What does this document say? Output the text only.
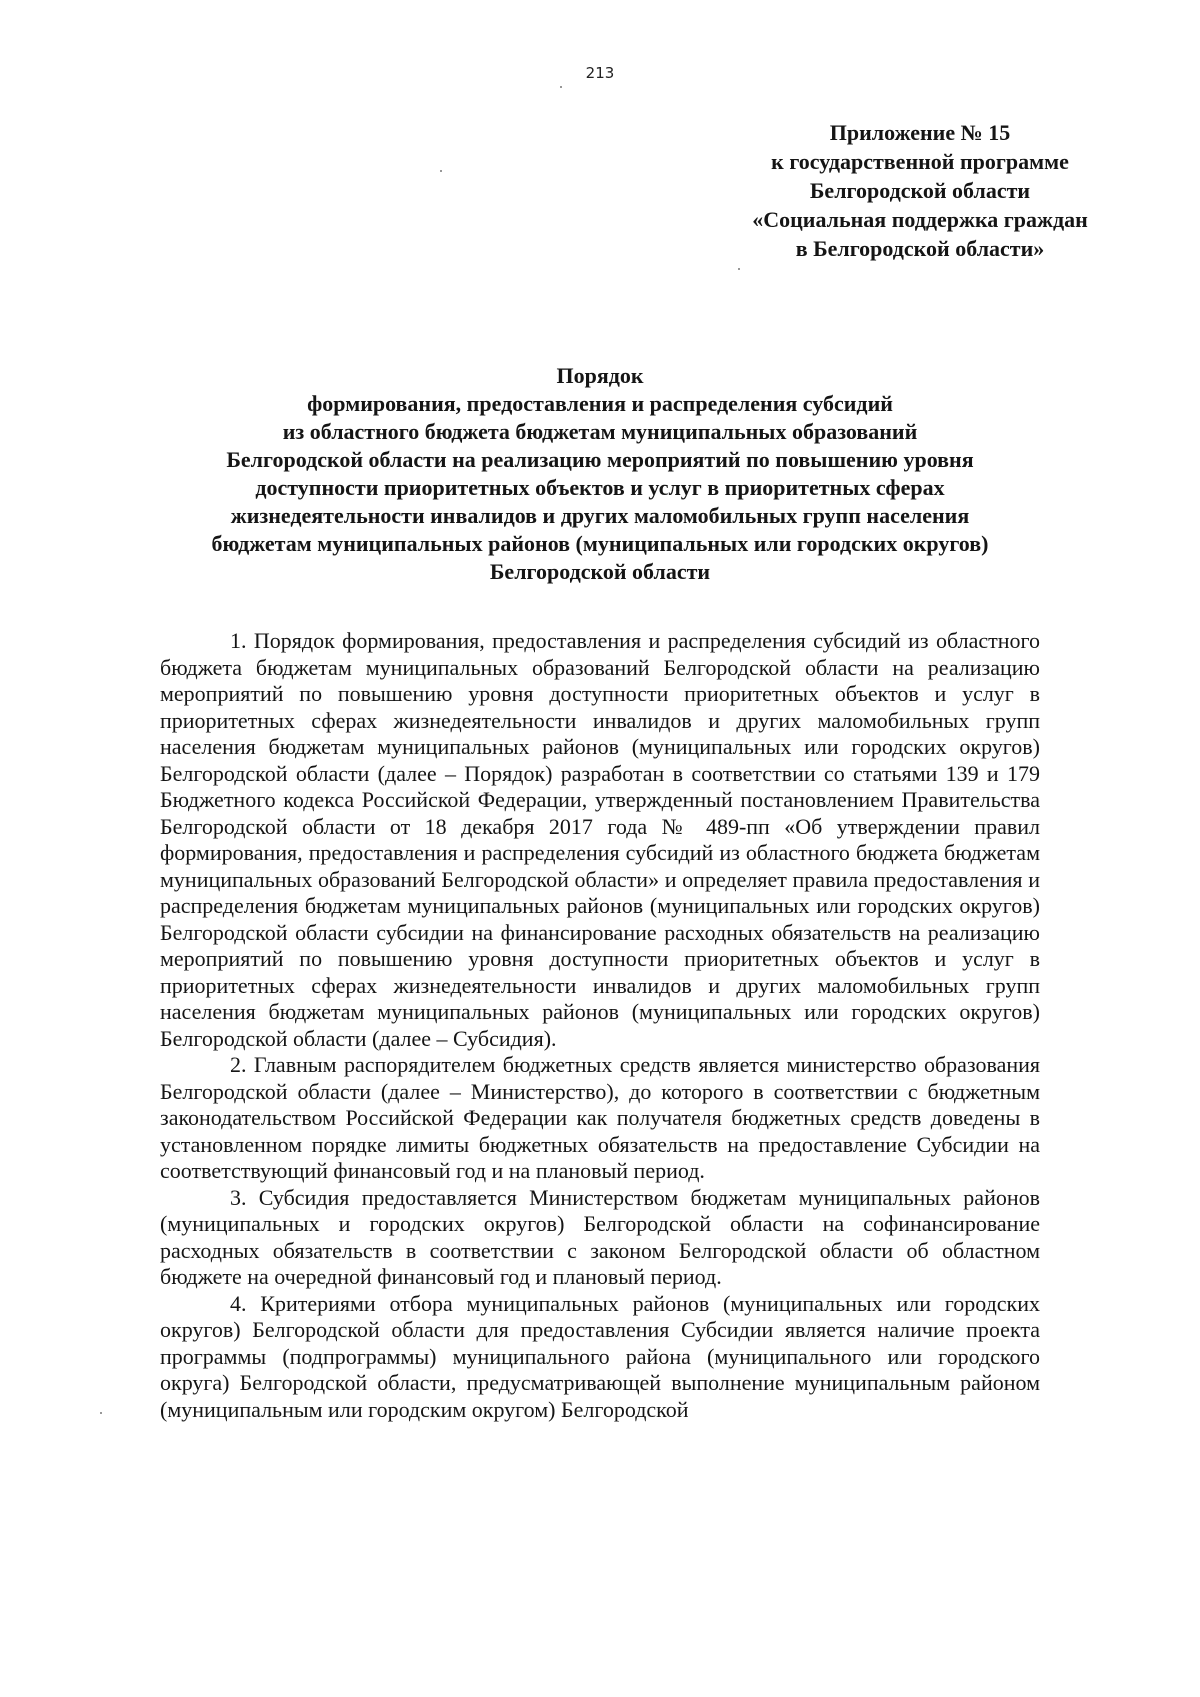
213
Приложение № 15
к государственной программе
Белгородской области
«Социальная поддержка граждан
в Белгородской области»
Порядок
формирования, предоставления и распределения субсидий
из областного бюджета бюджетам муниципальных образований
Белгородской области на реализацию мероприятий по повышению уровня
доступности приоритетных объектов и услуг в приоритетных сферах
жизнедеятельности инвалидов и других маломобильных групп населения
бюджетам муниципальных районов (муниципальных или городских округов)
Белгородской области

1. Порядок формирования, предоставления и распределения субсидий из областного бюджета бюджетам муниципальных образований Белгородской области на реализацию мероприятий по повышению уровня доступности приоритетных объектов и услуг в приоритетных сферах жизнедеятельности инвалидов и других маломобильных групп населения бюджетам муниципальных районов (муниципальных или городских округов) Белгородской области (далее – Порядок) разработан в соответствии со статьями 139 и 179 Бюджетного кодекса Российской Федерации, утвержденный постановлением Правительства Белгородской области от 18 декабря 2017 года № 489-пп «Об утверждении правил формирования, предоставления и распределения субсидий из областного бюджета бюджетам муниципальных образований Белгородской области» и определяет правила предоставления и распределения бюджетам муниципальных районов (муниципальных или городских округов) Белгородской области субсидии на финансирование расходных обязательств на реализацию мероприятий по повышению уровня доступности приоритетных объектов и услуг в приоритетных сферах жизнедеятельности инвалидов и других маломобильных групп населения бюджетам муниципальных районов (муниципальных или городских округов) Белгородской области (далее – Субсидия).

2. Главным распорядителем бюджетных средств является министерство образования Белгородской области (далее – Министерство), до которого в соответствии с бюджетным законодательством Российской Федерации как получателя бюджетных средств доведены в установленном порядке лимиты бюджетных обязательств на предоставление Субсидии на соответствующий финансовый год и на плановый период.

3. Субсидия предоставляется Министерством бюджетам муниципальных районов (муниципальных и городских округов) Белгородской области на софинансирование расходных обязательств в соответствии с законом Белгородской области об областном бюджете на очередной финансовый год и плановый период.

4. Критериями отбора муниципальных районов (муниципальных или городских округов) Белгородской области для предоставления Субсидии является наличие проекта программы (подпрограммы) муниципального района (муниципального или городского округа) Белгородской области, предусматривающей выполнение муниципальным районом (муниципальным или городским округом) Белгородской
